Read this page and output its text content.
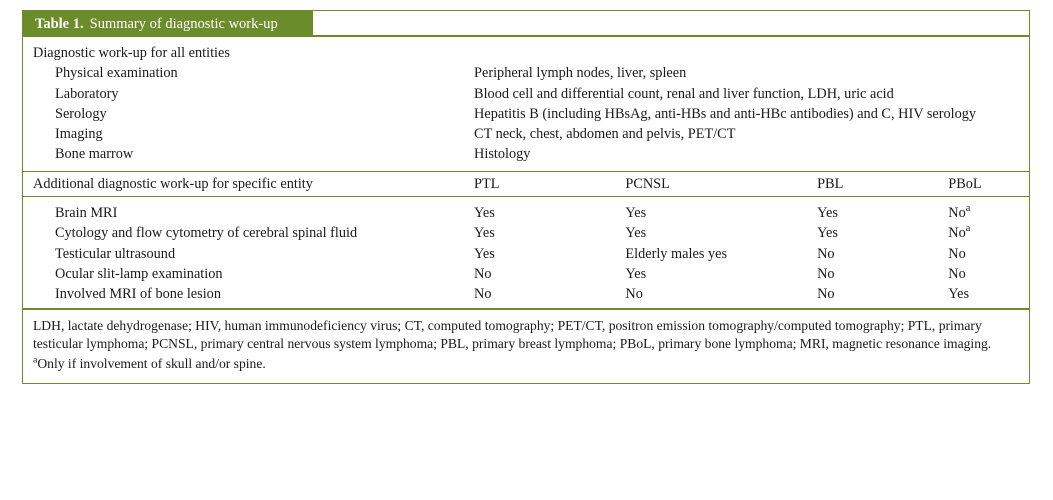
Table 1. Summary of diagnostic work-up
Diagnostic work-up for all entities				
Physical examination	Peripheral lymph nodes, liver, spleen			
Laboratory	Blood cell and differential count, renal and liver function, LDH, uric acid			
Serology	Hepatitis B (including HBsAg, anti-HBs and anti-HBc antibodies) and C, HIV serology			
Imaging	CT neck, chest, abdomen and pelvis, PET/CT			
Bone marrow	Histology			
Additional diagnostic work-up for specific entity	PTL	PCNSL	PBL	PBoL
Brain MRI	Yes	Yes	Yes	No$^a$
Cytology and flow cytometry of cerebral spinal fluid	Yes	Yes	Yes	No$^a$
Testicular ultrasound	Yes	Elderly males yes	No	No
Ocular slit-lamp examination	No	Yes	No	No
Involved MRI of bone lesion	No	No	No	Yes

LDH, lactate dehydrogenase; HIV, human immunodeficiency virus; CT, computed tomography; PET/CT, positron emission tomography/computed tomography; PTL, primary testicular lymphoma; PCNSL, primary central nervous system lymphoma; PBL, primary breast lymphoma; PBoL, primary bone lymphoma; MRI, magnetic resonance imaging.

$^a$Only if involvement of skull and/or spine.
